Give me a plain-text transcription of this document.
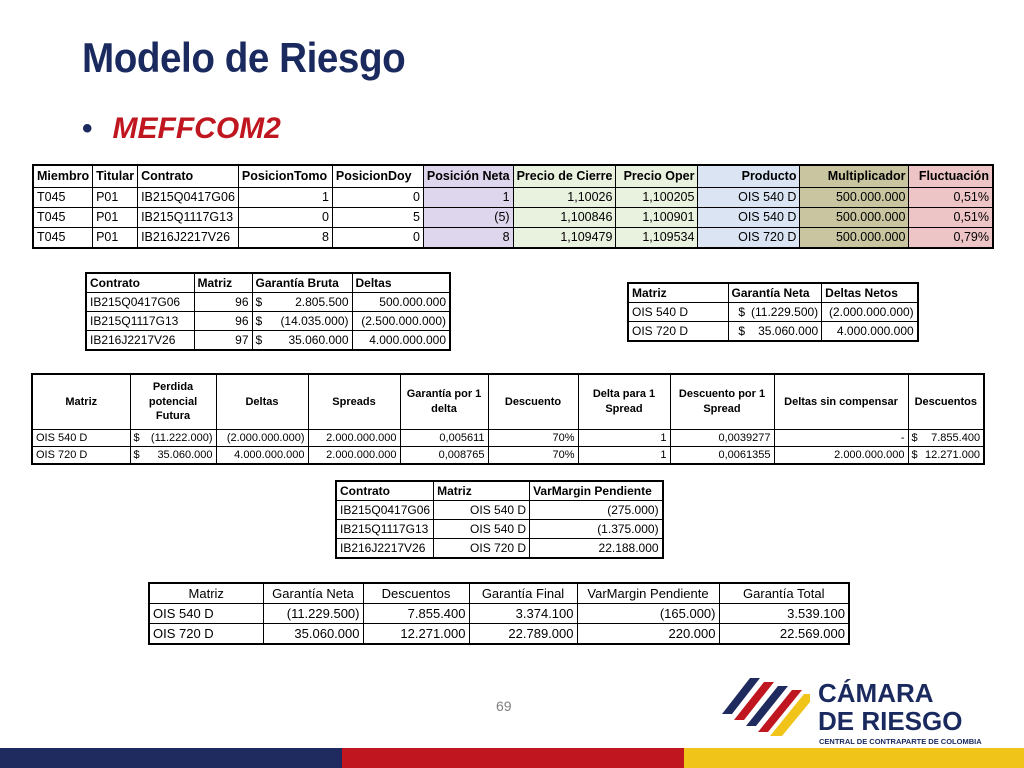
Modelo de Riesgo
• MEFFCOM2
Miembro	Titular	Contrato	PosicionTomo	PosicionDoy	Posición Neta	Precio de Cierre	Precio Oper	Producto	Multiplicador	Fluctuación
T045	P01	IB215Q0417G06	1	0	1	1,10026	1,100205	OIS 540 D	500.000.000	0,51%
T045	P01	IB215Q1117G13	0	5	(5)	1,100846	1,100901	OIS 540 D	500.000.000	0,51%
T045	P01	IB216J2217V26	8	0	8	1,109479	1,109534	OIS 720 D	500.000.000	0,79%
Contrato	Matriz	Garantía Bruta		Deltas
IB215Q0417G06	96	$	2.805.500	500.000.000
IB215Q1117G13	96	$	(14.035.000)	(2.500.000.000)
IB216J2217V26	97	$	35.060.000	4.000.000.000
Matriz	Garantía Neta		Deltas Netos
OIS 540 D	$	(11.229.500)	(2.000.000.000)
OIS 720 D	$	35.060.000	4.000.000.000
Matriz	Perdida potencial Futura		Deltas	Spreads	Garantía por 1 delta	Descuento	Delta para 1 Spread	Descuento por 1 Spread	Deltas sin compensar	Descuentos	
OIS 540 D	$	(11.222.000)	(2.000.000.000)	2.000.000.000	0,005611	70%	1	0,0039277	-	$	7.855.400
OIS 720 D	$	35.060.000	4.000.000.000	2.000.000.000	0,008765	70%	1	0,0061355	2.000.000.000	$	12.271.000
Contrato	Matriz	VarMargin Pendiente
IB215Q0417G06	OIS 540 D	(275.000)
IB215Q1117G13	OIS 540 D	(1.375.000)
IB216J2217V26	OIS 720 D	22.188.000
Matriz	Garantía Neta	Descuentos	Garantía Final	VarMargin Pendiente	Garantía Total
OIS 540 D	(11.229.500)	7.855.400	3.374.100	(165.000)	3.539.100
OIS 720 D	35.060.000	12.271.000	22.789.000	220.000	22.569.000
69	CÁMARA
DE RIESGO
CENTRAL DE CONTRAPARTE DE COLOMBIA
